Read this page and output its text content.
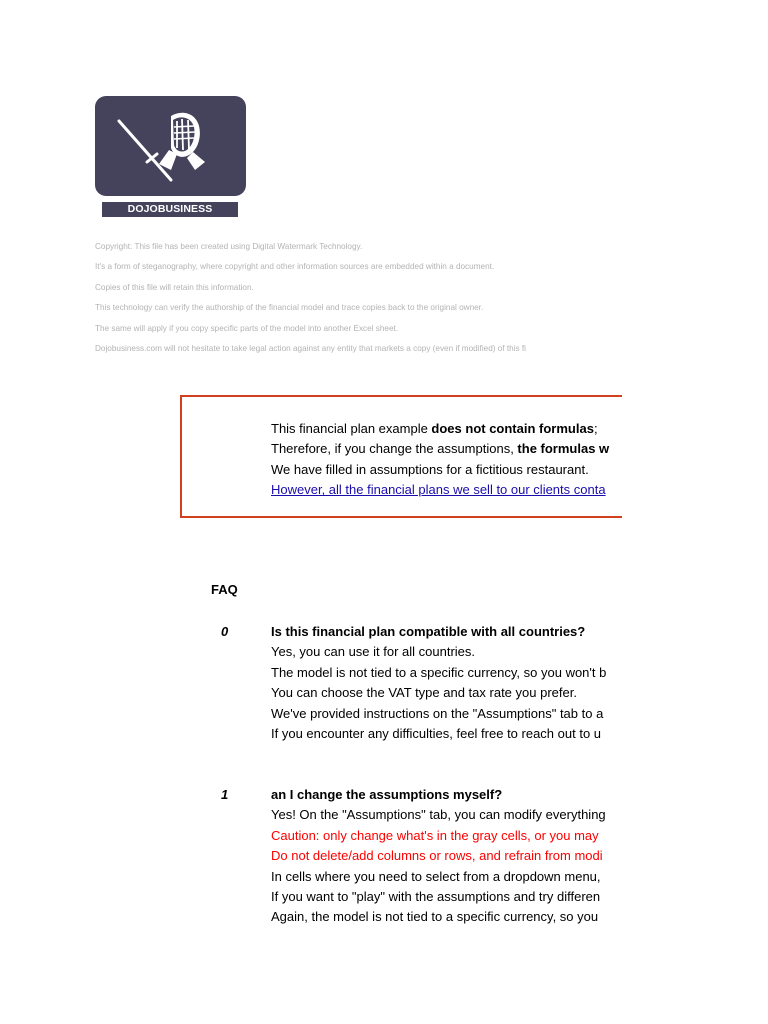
DOJOBUSINESS
Copyright: This file has been created using Digital Watermark Technology.
It's a form of steganography, where copyright and other information sources are embedded within a document.
Copies of this file will retain this information.
This technology can verify the authorship of the financial model and trace copies back to the original owner.
The same will apply if you copy specific parts of the model into another Excel sheet.
Dojobusiness.com will not hesitate to take legal action against any entity that markets a copy (even if modified) of this fi
This financial plan example does not contain formulas;
Therefore, if you change the assumptions, the formulas w
We have filled in assumptions for a fictitious restaurant.
However, all the financial plans we sell to our clients conta
FAQ
0	Is this financial plan compatible with all countries?
Yes, you can use it for all countries.
The model is not tied to a specific currency, so you won't b
You can choose the VAT type and tax rate you prefer.
We've provided instructions on the "Assumptions" tab to a
If you encounter any difficulties, feel free to reach out to u
1	an I change the assumptions myself?
Yes! On the "Assumptions" tab, you can modify everything
Caution: only change what's in the gray cells, or you may
Do not delete/add columns or rows, and refrain from modi
In cells where you need to select from a dropdown menu,
If you want to "play" with the assumptions and try differen
Again, the model is not tied to a specific currency, so you
